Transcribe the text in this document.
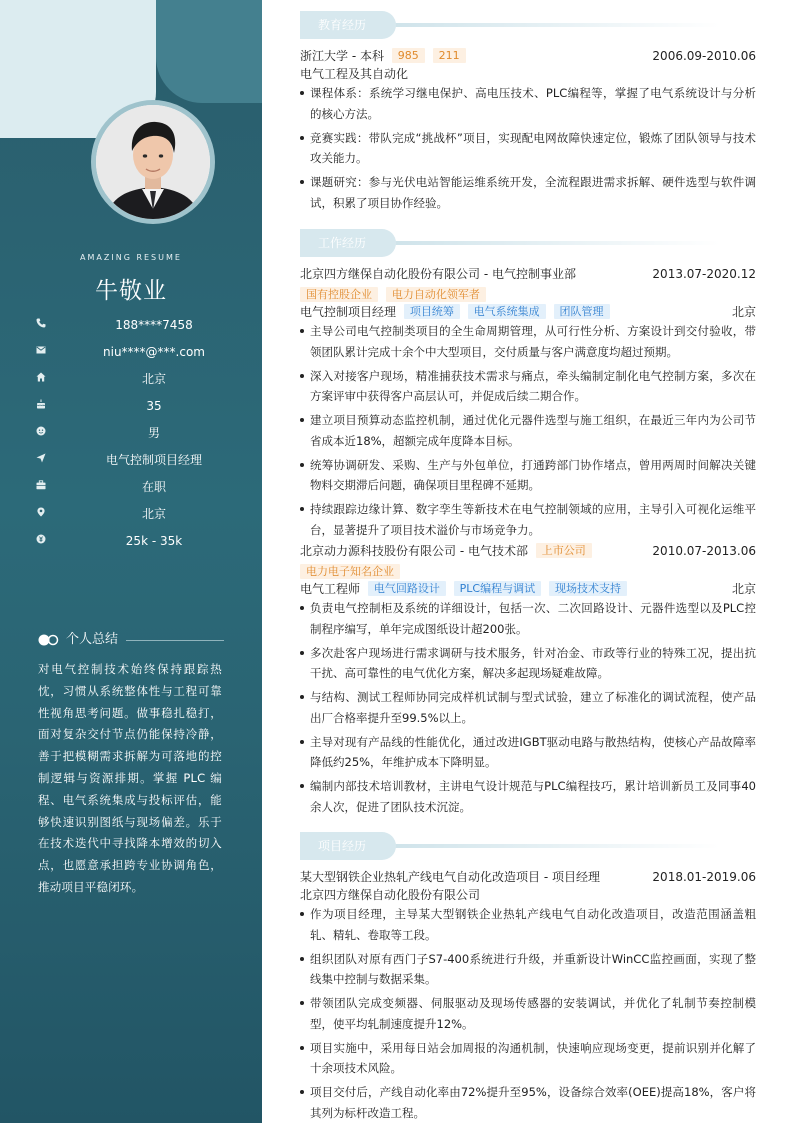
AMAZING RESUME
牛敬业
188****7458
niu****@***.com
北京
35
男
电气控制项目经理
在职
北京
25k - 35k
个人总结
对电气控制技术始终保持跟踪热忱，习惯从系统整体性与工程可靠性视角思考问题。做事稳扎稳打，面对复杂交付节点仍能保持冷静，善于把模糊需求拆解为可落地的控制逻辑与资源排期。掌握 PLC 编程、电气系统集成与投标评估，能够快速识别图纸与现场偏差。乐于在技术迭代中寻找降本增效的切入点，也愿意承担跨专业协调角色，推动项目平稳闭环。
教育经历
浙江大学 - 本科 985 211	2006.09-2010.06
电气工程及其自动化
课程体系：系统学习继电保护、高电压技术、PLC编程等，掌握了电气系统设计与分析的核心方法。
竞赛实践：带队完成“挑战杯”项目，实现配电网故障快速定位，锻炼了团队领导与技术攻关能力。
课题研究：参与光伏电站智能运维系统开发，全流程跟进需求拆解、硬件选型与软件调试，积累了项目协作经验。
工作经历
北京四方继保自动化股份有限公司 - 电气控制事业部	2013.07-2020.12
国有控股企业 电力自动化领军者
电气控制项目经理 项目统筹 电气系统集成 团队管理	北京
主导公司电气控制类项目的全生命周期管理，从可行性分析、方案设计到交付验收，带领团队累计完成十余个中大型项目，交付质量与客户满意度均超过预期。
深入对接客户现场，精准捕获技术需求与痛点，牵头编制定制化电气控制方案，多次在方案评审中获得客户高层认可，并促成后续二期合作。
建立项目预算动态监控机制，通过优化元器件选型与施工组织，在最近三年内为公司节省成本近18%，超额完成年度降本目标。
统筹协调研发、采购、生产与外包单位，打通跨部门协作堵点，曾用两周时间解决关键物料交期滞后问题，确保项目里程碑不延期。
持续跟踪边缘计算、数字孪生等新技术在电气控制领域的应用，主导引入可视化运维平台，显著提升了项目技术溢价与市场竞争力。
北京动力源科技股份有限公司 - 电气技术部 上市公司	2010.07-2013.06
电力电子知名企业
电气工程师 电气回路设计 PLC编程与调试 现场技术支持	北京
负责电气控制柜及系统的详细设计，包括一次、二次回路设计、元器件选型以及PLC控制程序编写，单年完成图纸设计超200张。
多次赴客户现场进行需求调研与技术服务，针对冶金、市政等行业的特殊工况，提出抗干扰、高可靠性的电气优化方案，解决多起现场疑难故障。
与结构、测试工程师协同完成样机试制与型式试验，建立了标准化的调试流程，使产品出厂合格率提升至99.5%以上。
主导对现有产品线的性能优化，通过改进IGBT驱动电路与散热结构，使核心产品故障率降低约25%，年维护成本下降明显。
编制内部技术培训教材，主讲电气设计规范与PLC编程技巧，累计培训新员工及同事40余人次，促进了团队技术沉淀。
项目经历
某大型钢铁企业热轧产线电气自动化改造项目 - 项目经理	2018.01-2019.06
北京四方继保自动化股份有限公司
作为项目经理，主导某大型钢铁企业热轧产线电气自动化改造项目，改造范围涵盖粗轧、精轧、卷取等工段。
组织团队对原有西门子S7-400系统进行升级，并重新设计WinCC监控画面，实现了整线集中控制与数据采集。
带领团队完成变频器、伺服驱动及现场传感器的安装调试，并优化了轧制节奏控制模型，使平均轧制速度提升12%。
项目实施中，采用每日站会加周报的沟通机制，快速响应现场变更，提前识别并化解了十余项技术风险。
项目交付后，产线自动化率由72%提升至95%，设备综合效率(OEE)提高18%，客户将其列为标杆改造工程。
